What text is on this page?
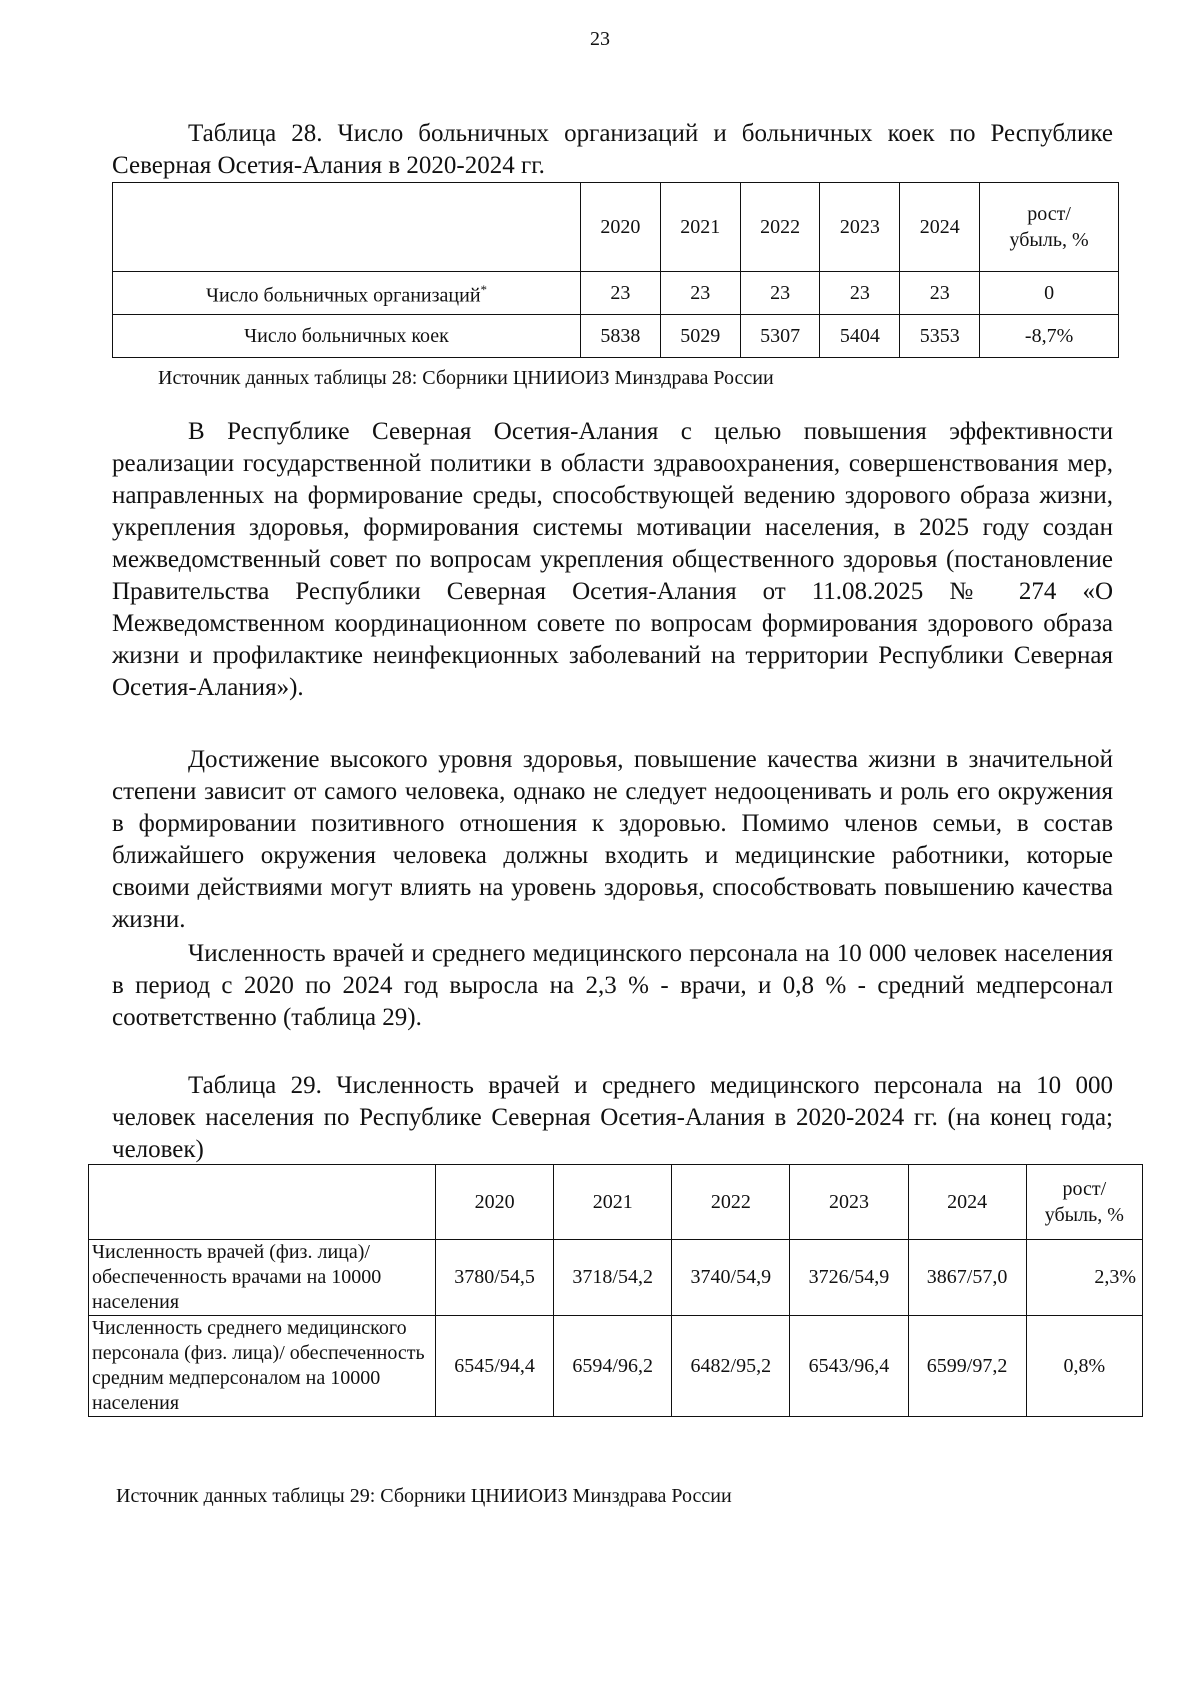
23

Таблица 28. Число больничных организаций и больничных коек по Республике Северная Осетия-Алания в 2020-2024 гг.

	2020	2021	2022	2023	2024	рост/
убыль, %
Число больничных организаций*	23	23	23	23	23	0
Число больничных коек	5838	5029	5307	5404	5353	-8,7%
Источник данных таблицы 28: Сборники ЦНИИОИЗ Минздрава России

В Республике Северная Осетия-Алания с целью повышения эффективности реализации государственной политики в области здравоохранения, совершенствования мер, направленных на формирование среды, способствующей ведению здорового образа жизни, укрепления здоровья, формирования системы мотивации населения, в 2025 году создан межведомственный совет по вопросам укрепления общественного здоровья (постановление Правительства Республики Северная Осетия-Алания от 11.08.2025 № 274 «О Межведомственном координационном совете по вопросам формирования здорового образа жизни и профилактике неинфекционных заболеваний на территории Республики Северная Осетия-Алания»).

Достижение высокого уровня здоровья, повышение качества жизни в значительной степени зависит от самого человека, однако не следует недооценивать и роль его окружения в формировании позитивного отношения к здоровью. Помимо членов семьи, в состав ближайшего окружения человека должны входить и медицинские работники, которые своими действиями могут влиять на уровень здоровья, способствовать повышению качества жизни.

Численность врачей и среднего медицинского персонала на 10 000 человек населения в период с 2020 по 2024 год выросла на 2,3 % - врачи, и 0,8 % - средний медперсонал соответственно (таблица 29).

Таблица 29. Численность врачей и среднего медицинского персонала на 10 000 человек населения по Республике Северная Осетия-Алания в 2020-2024 гг. (на конец года; человек)

	2020	2021	2022	2023	2024	рост/
убыль, %
Численность врачей (физ. лица)/ обеспеченность врачами на 10000 населения	3780/54,5	3718/54,2	3740/54,9	3726/54,9	3867/57,0	2,3%
Численность среднего медицинского персонала (физ. лица)/ обеспеченность средним медперсоналом на 10000 населения	6545/94,4	6594/96,2	6482/95,2	6543/96,4	6599/97,2	0,8%
Источник данных таблицы 29: Сборники ЦНИИОИЗ Минздрава России
